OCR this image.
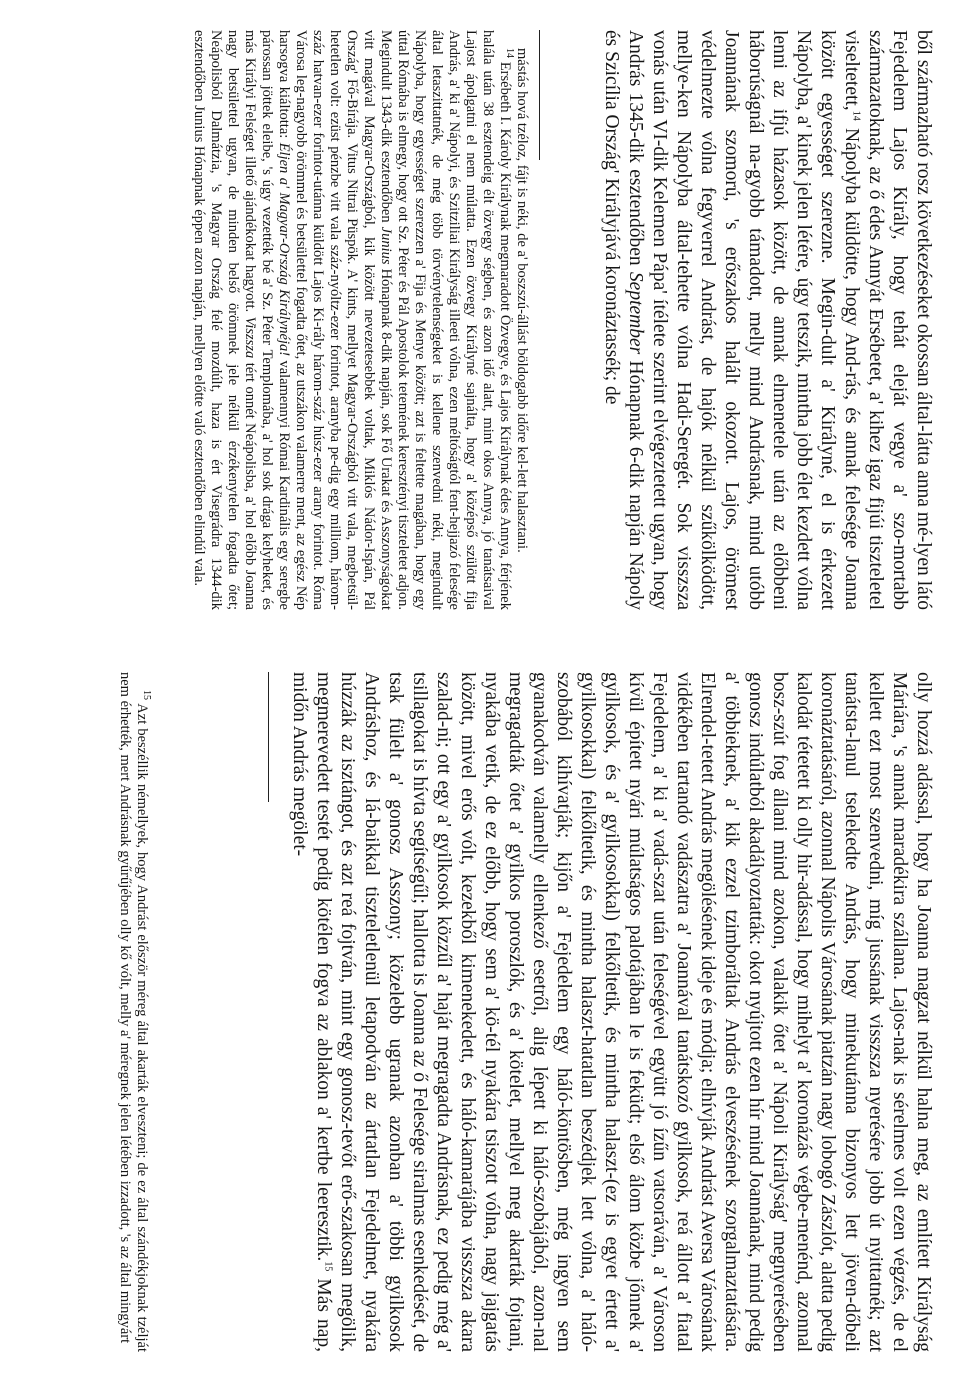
ből származható rosz következéseket okossan által-látta anna mé-lyen látó Fejedelem Lajos Király, hogy tehát eleját vegye a' szo-mortabb származatoknak, az ő édes Annyát Ersébetet, a' kihez igaz fijúi tiszteletel viseltetett,$^{14}$ Nápolyba küldötte, hogy And-rás, és annak felesége Joanna között egyességet szerezne. Megin-dult a' Királyné, el is érkezett Nápolyba, a' kinek jelen létére, úgy tetszik, mintha jobb élet kezdett vólna lenni az ifjú házasok között, de annak elmenetele után az előbbeni háborúságnál na-gyobb támadott, melly mind Andrásnak, mind utóbb Joannának szomorú, 's erőszakos halált okozott. Lajos, örömest védelmezte vólna fegyverrel Andrást, de hajók nélkül szűkölködött, mellye-ken Nápolyba által-tehette vólna Hadi-Seregét. Sok visszsza vonás után VI-dik Kelemen Pápa' ítélete szerint elvégeztetett ugyan, hogy András 1345-dik esztendőben September Hónapnak 6-dik napján Nápoly és Szicília Ország' Királyjává koronáztassék; de

mástás hová tzéloz, fájt is néki, de a' boszszú-állást böldogabb időre kel-lett halasztani.

$^{14}$ Ersébeth I. Károly Királynak megmaradott Özvegye, és Lajos Királynak édes Annya, férjének halála után 38 esztendeig élt özvegy ségben, és azon idő alatt, mint okos Annya, jó tanátsaival Lajost ápolgatni el nem múlatta. Ezen özvegy Királyné sajnálta, hogy a' középső szülött fija András, a' ki a' Nápolyi, és Szitziliai Királyság illeeti vólna, ezen méltóságtól fent-hejjazó felesége által letaszittatnék, de még több törvénytelenségeket is kellene szenvedni néki, megindult Nápolyba, hogy egyességet szerezzen a' Fija és Menye között; azt is feltette magában, hogy egy úttal Rómába is elmegy, hogy ott Sz. Péter és Pál Apostolok tetemének keresztényi tiszteletet adjon. Megindult 1343-dik esztendőben Junius Hónapnak 8-dik napján, sok Fő Urakat és Asszonyságokat vitt magával Magyar-Országból, kik között nevezetesebbek voltak, Miklós Nádor-Ispán, Pál Ország' Fő-Bírája. Vitus Nitrai Püspök. A' kints, mellyet Magyar-Országból vitt vala, megbetsül-hetetlen volt: ezüst pénzbe vitt vala száz-nyóltz-ezer forintot, aranyba pe-dig egy milliom, három-száz hatvan-ezer forintot-utánna küldött Lajos Ki-rály három-száz húsz-ezer arany forintot. Róma Városa leg-nagyobb örömmel és betsülettel fogadta őtet, az utszákon valamerre ment, az egész Nép harsogva kiáltotta: Éljen a' Magyar-Ország Királynéja! valamennyi Római Kardinális egy seregbe párossan jöttek eleibe, 's úgy vezették bé a' Sz. Péter Templomába, a' hol sok drága kelyheket, és más Királyi Felséget illető ajándékokat hagyott. Viszsza tért onnét Neápolisba, a' hol előbb Joanna nagy betsülettel ugyan, de minden belső örömnek jele nélkül érzékenytelen fogadta őtet; Neápolisból Dalmátzia, 's Magyar Ország felé mozdúlt, haza is ért Visegrádra 1344-dik esztendőben Junius Hónapnak éppen azon napján, mellyen előtte való esztendőben elindúl vala.

olly hozzá adással, hogy ha Joanna magzat nélkül halna meg, az említett Királyság Máriára, 's annak maradékira szállana. Lajos-nak is sérelmes volt ezen végzés, de el kellett ezt most szenvedni, míg jussának visszsza nyerésére jobb út nyittatnék; azt tanátsta-lanul tselekedte András, hogy minekutánna bizonyos lett jöven-dőbeli koronáztatásáról, azonnal Nápolis Városának piatzán nagy lobogó Zászlót, alatta pedig kalodát tétetett ki olly hir-adással, hogy mihelyt a' koronázás végbe-menénd, azonnal bosz-szút fog állani mind azokon, valakik őtet a' Nápoli Királyság' megnyerésében gonosz indúlatból akadályoztatták: okot nyújtott ezen hír mind Joannának, mind pedig a' többieknek, a' kik ezzel tzimboráltak András elveszésének szorgalmaztatására. Elrendel-tetett András megölésének ideje és módja; elhívják Andrást Aversa Városának vidékében tartandó vadászatra a' Joannával tanátskozó gyilkosok, reá állott a' fiatal Fejedelem, a' ki a' vadá-szat után feleségével együtt jó ízűn vatsoráván, a' Városon kívül épített nyári múlatságos palotájában le is feküdt; első álom közbe jőnnek a' gyilkosok, és a' gyilkosokkal) felkőltetik, és mintha halaszt-(ez is egyet értett a' gyilkosokkal) felkőltetik, és mintha halaszt-hatatlan beszédjek lett vólna, a' háló-szobából kihívatják; kijőn a' Fejedelem egy háló-köntösben, még ingyen sem gyanakodván valamelly ellenkező esetről, alig lépett ki háló-szobájából, azon-nal megragadták őtet a' gyilkos poroszlók, és a' kötelet, mellyel meg akarták fojtani, nyakába vetik, de ez előbb, hogy sem a' kö-tél nyakára tsiszott vólna, nagy jajgatás között, mivel erős vólt, kezekből kimenekedett, és háló-kamarájába visszsza akara szalad-ni; ott egy a' gyilkosok közzűl a' haját megragadta Andrásnak, ez pedig még a' tsillagokat is hívta segítségűl; hallotta is Joanna az ő Felesége siralmas esenkedését, de tsak fülelt a' gonosz Asszony; közelebb ugranak azonban a' többi gyilkosok Andráshoz, és lá-baikkal tiszteletlenül letapodván az ártatlan Fejedelmet, nyakára húzzák az isztángot, és azt reá fojtván, mint egy gonosz-tevőt erő-szakosan megölik, megmerevedett testét pedig kötélen fogva az ablakon a' kertbe leeresztik.$^{15}$ Más nap, midőn András megölet-

$^{15}$ Azt beszéllik némellyek, hogy Andrást először méreg által akarták elveszteni; de ez által szándékjoknak tzélját nem érhették, mert Andrásnak gyűrűjében olly kő vólt, melly a' méregnek jelen létében izzadott, 's az által mingyárt
